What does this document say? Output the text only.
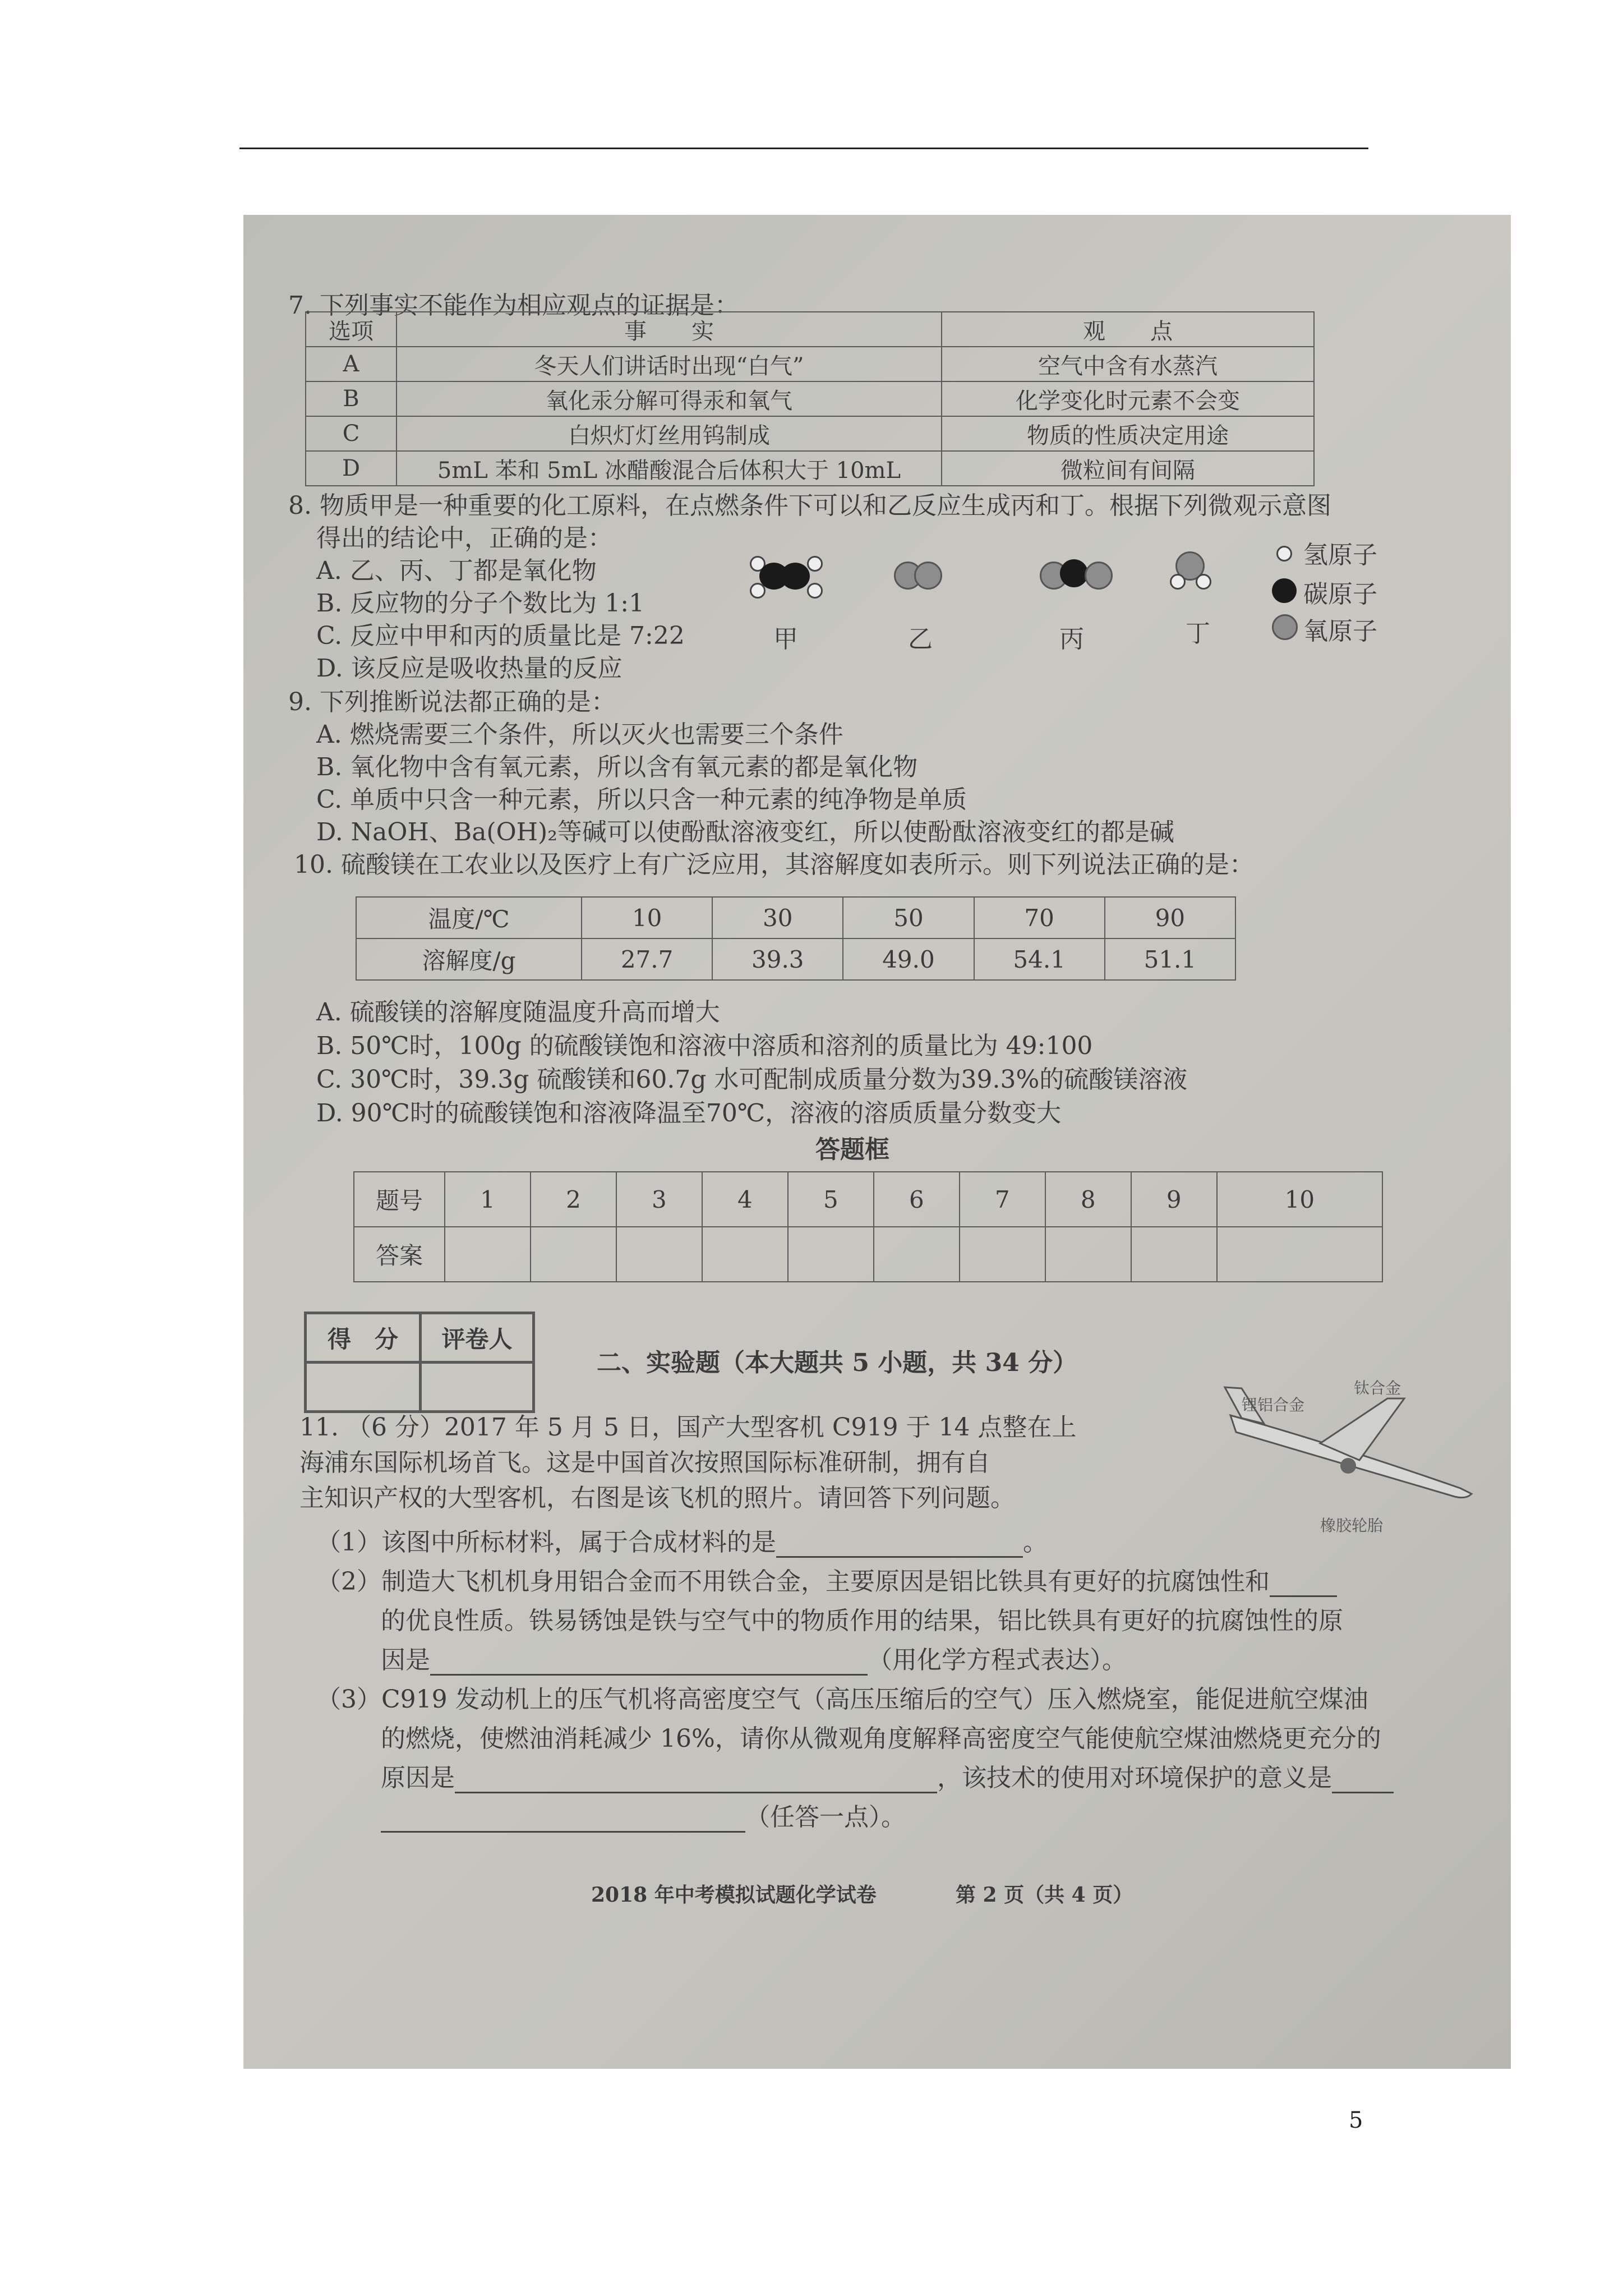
7. 下列事实不能作为相应观点的证据是：
选项	事　　实	观　　点
A	冬天人们讲话时出现“白气”	空气中含有水蒸汽
B	氧化汞分解可得汞和氧气	化学变化时元素不会变
C	白炽灯灯丝用钨制成	物质的性质决定用途
D	5mL 苯和 5mL 冰醋酸混合后体积大于 10mL	微粒间有间隔
8. 物质甲是一种重要的化工原料，在点燃条件下可以和乙反应生成丙和丁。根据下列微观示意图
得出的结论中，正确的是：
A. 乙、丙、丁都是氧化物
B. 反应物的分子个数比为 1:1
C. 反应中甲和丙的质量比是 7:22
D. 该反应是吸收热量的反应
甲	乙	丙	丁
氢原子
碳原子
氧原子
9. 下列推断说法都正确的是：
A. 燃烧需要三个条件，所以灭火也需要三个条件
B. 氧化物中含有氧元素，所以含有氧元素的都是氧化物
C. 单质中只含一种元素，所以只含一种元素的纯净物是单质
D. NaOH、Ba(OH)₂等碱可以使酚酞溶液变红，所以使酚酞溶液变红的都是碱
10. 硫酸镁在工农业以及医疗上有广泛应用，其溶解度如表所示。则下列说法正确的是：
温度/℃	10	30	50	70	90
溶解度/g	27.7	39.3	49.0	54.1	51.1
A. 硫酸镁的溶解度随温度升高而增大
B. 50℃时，100g 的硫酸镁饱和溶液中溶质和溶剂的质量比为 49:100
C. 30℃时，39.3g 硫酸镁和60.7g 水可配制成质量分数为39.3%的硫酸镁溶液
D. 90℃时的硫酸镁饱和溶液降温至70℃，溶液的溶质质量分数变大
答题框
题号	1	2	3	4	5	6	7	8	9	10
答案										
得　分	评卷人

二、实验题（本大题共 5 小题，共 34 分）
11. （6 分）2017 年 5 月 5 日，国产大型客机 C919 于 14 点整在上
海浦东国际机场首飞。这是中国首次按照国际标准研制，拥有自
主知识产权的大型客机，右图是该飞机的照片。请回答下列问题。
锂铝合金
钛合金
橡胶轮胎
（1）该图中所标材料，属于合成材料的是	。
（2）制造大飞机机身用铝合金而不用铁合金，主要原因是铝比铁具有更好的抗腐蚀性和
的优良性质。铁易锈蚀是铁与空气中的物质作用的结果，铝比铁具有更好的抗腐蚀性的原
因是	（用化学方程式表达）。
（3）C919 发动机上的压气机将高密度空气（高压压缩后的空气）压入燃烧室，能促进航空煤油
的燃烧，使燃油消耗减少 16%，请你从微观角度解释高密度空气能使航空煤油燃烧更充分的
原因是	，该技术的使用对环境保护的意义是
（任答一点）。
2018 年中考模拟试题化学试卷	第 2 页（共 4 页）
5
